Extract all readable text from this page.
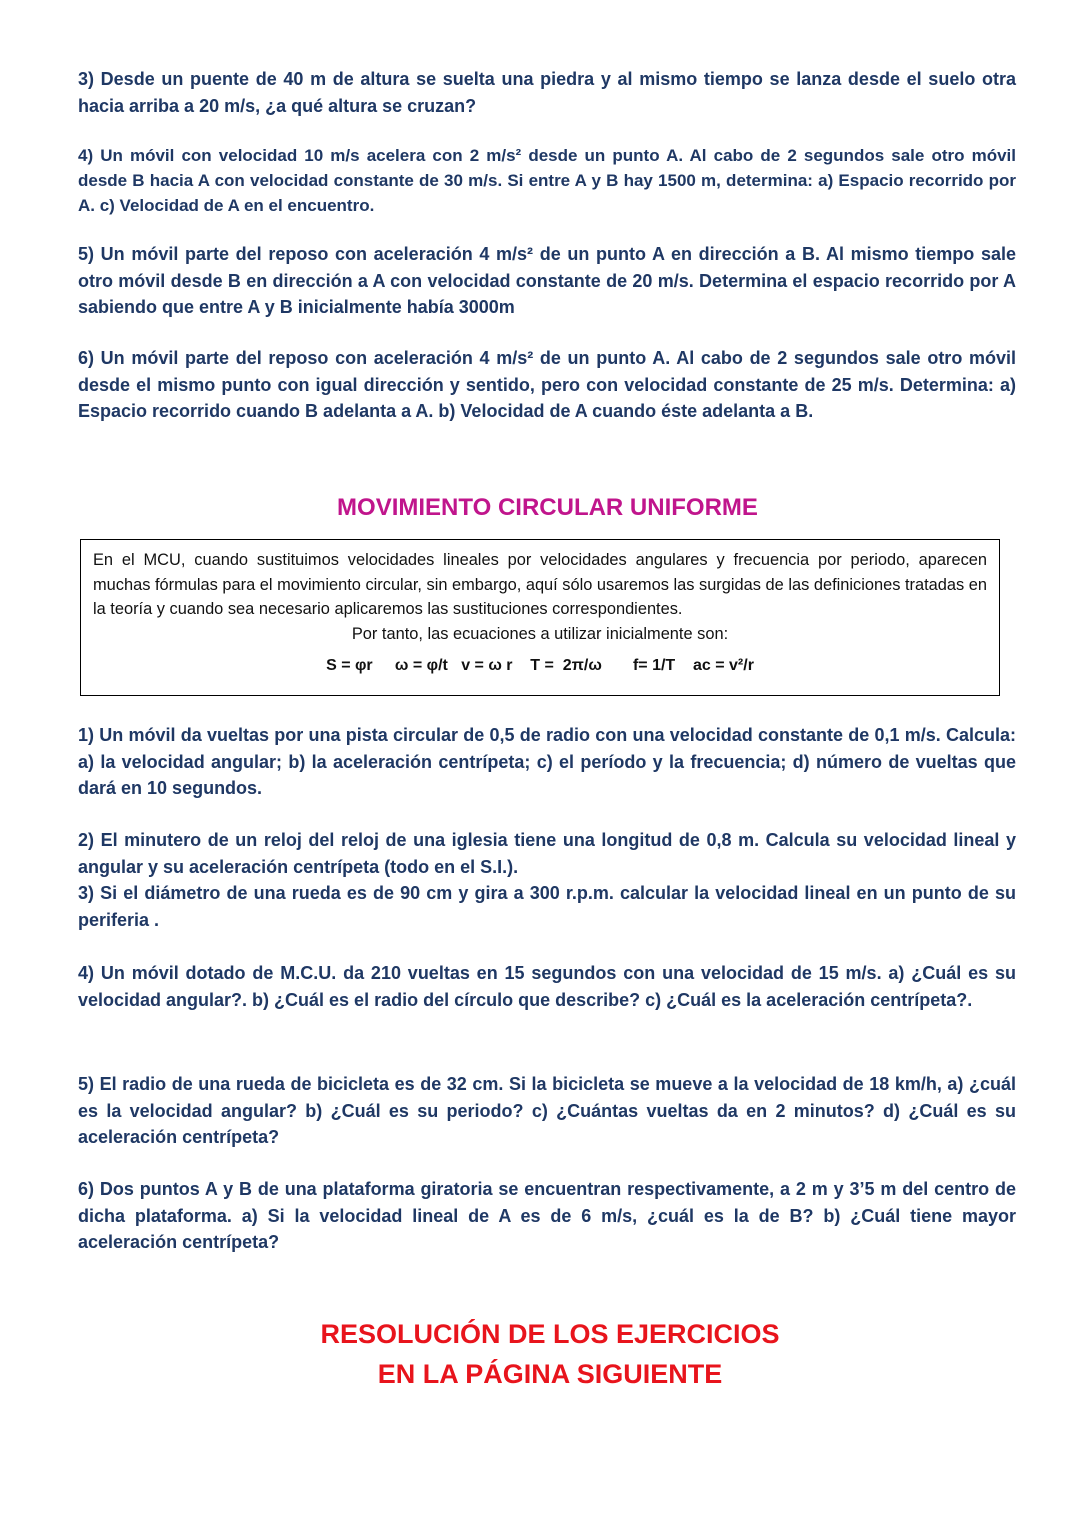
3) Desde un puente de 40 m de altura se suelta una piedra y al mismo tiempo se lanza desde el suelo otra hacia arriba a 20 m/s, ¿a qué altura se cruzan?
4) Un móvil con velocidad 10 m/s acelera con 2 m/s² desde un punto A. Al cabo de 2 segundos sale otro móvil desde B hacia A con velocidad constante de 30 m/s. Si entre A y B hay 1500 m, determina: a) Espacio recorrido por A. c) Velocidad de A en el encuentro.
5) Un móvil parte del reposo con aceleración 4 m/s² de un punto A en dirección a B. Al mismo tiempo sale otro móvil desde B en dirección a A con velocidad constante de 20 m/s. Determina el espacio recorrido por A sabiendo que entre A y B inicialmente había 3000m
6) Un móvil parte del reposo con aceleración 4 m/s² de un punto A. Al cabo de 2 segundos sale otro móvil desde el mismo punto con igual dirección y sentido, pero con velocidad constante de 25 m/s. Determina: a) Espacio recorrido cuando B adelanta a A. b) Velocidad de A cuando éste adelanta a B.
MOVIMIENTO CIRCULAR UNIFORME

En el MCU, cuando sustituimos velocidades lineales por velocidades angulares y frecuencia por periodo, aparecen muchas fórmulas para el movimiento circular, sin embargo, aquí sólo usaremos las surgidas de las definiciones tratadas en la teoría y cuando sea necesario aplicaremos las sustituciones correspondientes.

Por tanto, las ecuaciones a utilizar inicialmente son:

S = φr     ω = φ/t   v = ω r    T =  2π/ω       f= 1/T    aᴄ = v²/r
1) Un móvil da vueltas por una pista circular de 0,5 de radio con una velocidad constante de 0,1 m/s. Calcula: a) la velocidad angular; b) la aceleración centrípeta; c) el período y la frecuencia; d) número de vueltas que dará en 10 segundos.
2) El minutero de un reloj del reloj de una iglesia tiene una longitud de 0,8 m. Calcula su velocidad lineal y angular y su aceleración centrípeta (todo en el S.I.).
3) Si el diámetro de una rueda es de 90 cm y gira a 300 r.p.m. calcular la velocidad lineal en un punto de su periferia .
4) Un móvil dotado de M.C.U. da 210 vueltas en 15 segundos con una velocidad de 15 m/s. a) ¿Cuál es su velocidad angular?. b) ¿Cuál es el radio del círculo que describe? c) ¿Cuál es la aceleración centrípeta?.
5) El radio de una rueda de bicicleta es de 32 cm. Si la bicicleta se mueve a la velocidad de 18 km/h, a) ¿cuál es la velocidad angular? b) ¿Cuál es su periodo? c) ¿Cuántas vueltas da en 2 minutos? d) ¿Cuál es su aceleración centrípeta?
6) Dos puntos A y B de una plataforma giratoria se encuentran respectivamente, a 2 m y 3’5 m del centro de dicha plataforma. a) Si la velocidad lineal de A es de 6 m/s, ¿cuál es la de B? b) ¿Cuál tiene mayor aceleración centrípeta?
RESOLUCIÓN DE LOS EJERCICIOS
EN LA PÁGINA SIGUIENTE
